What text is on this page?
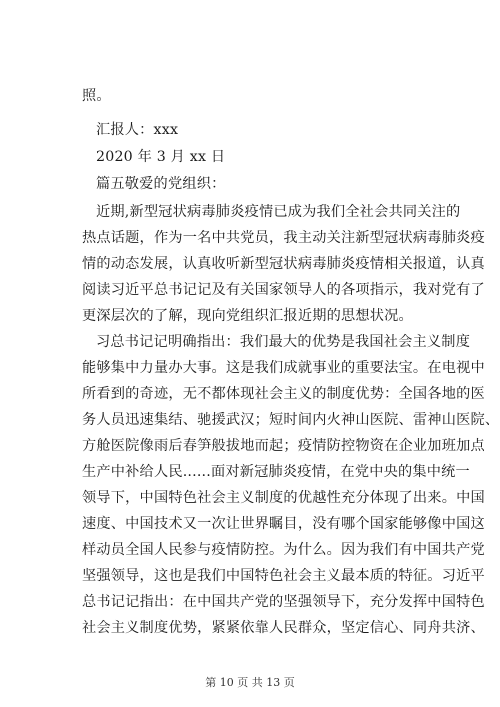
照。
汇报人：xxx
2020 年 3 月 xx 日
篇五敬爱的党组织：
近期,新型冠状病毒肺炎疫情已成为我们全社会共同关注的
热点话题，作为一名中共党员，我主动关注新型冠状病毒肺炎疫
情的动态发展，认真收听新型冠状病毒肺炎疫情相关报道，认真
阅读习近平总书记记及有关国家领导人的各项指示，我对党有了
更深层次的了解，现向党组织汇报近期的思想状况。
习总书记记明确指出：我们最大的优势是我国社会主义制度
能够集中力量办大事。这是我们成就事业的重要法宝。在电视中
所看到的奇迹，无不都体现社会主义的制度优势：全国各地的医
务人员迅速集结、驰援武汉；短时间内火神山医院、雷神山医院、
方舱医院像雨后春笋般拔地而起；疫情防控物资在企业加班加点
生产中补给人民......面对新冠肺炎疫情，在党中央的集中统一
领导下，中国特色社会主义制度的优越性充分体现了出来。中国
速度、中国技术又一次让世界瞩目，没有哪个国家能够像中国这
样动员全国人民参与疫情防控。为什么。因为我们有中国共产党
坚强领导，这也是我们中国特色社会主义最本质的特征。习近平
总书记记指出：在中国共产党的坚强领导下，充分发挥中国特色
社会主义制度优势，紧紧依靠人民群众，坚定信心、同舟共济、
第 10 页 共 13 页
